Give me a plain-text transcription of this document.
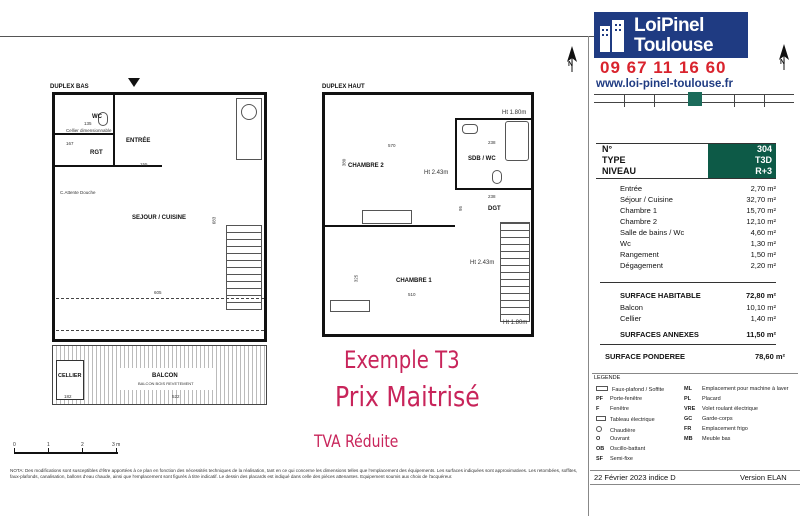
DUPLEX BAS
WC
RGT
ENTRÉE
SEJOUR / CUISINE
Cellier dimensionnable
C.Attente Douche
135
167
155
683
605
CELLIER	BALCON
BALCON BOIS REVETEMENT
522
182
DUPLEX HAUT
CHAMBRE 2
SDB / WC
DGT
CHAMBRE 1
Ht 1.80m
Ht 2.43m
Ht 2.43m
Ht 1.80m
570
238
238
380
510
325
95
Exemple T3
Prix Maitrisé
TVA Réduite
0	1	2	3 m
NOTA: Des modifications sont susceptibles d'être apportées à ce plan en fonction des nécessités techniques de la réalisation, tant en ce qui concerne les dimensions telles que l'emplacement des équipements. Les surfaces indiquées sont approximatives. Les retombées, soffites, faux-plafonds, canalisation, ballons d'eau chaude, ainsi que l'emplacement sont figurés à titre indicatif. Le dessin des placards est indiqué dans celle des pièces attenantes. Equipement soumis aux choix de l'acquéreur.
N	N
LoiPinel
Toulouse
09 67 11 16 60
www.loi-pinel-toulouse.fr
N°	304
TYPE	T3D
NIVEAU	R+3
Entrée	2,70 m²
Séjour / Cuisine	32,70 m²
Chambre 1	15,70 m²
Chambre 2	12,10 m²
Salle de bains / Wc	4,60 m²
Wc	1,30 m²
Rangement	1,50 m²
Dégagement	2,20 m²
SURFACE HABITABLE	72,80 m²
Balcon	10,10 m²
Cellier	1,40 m²
SURFACES ANNEXES	11,50 m²
SURFACE PONDEREE	78,60 m²
LEGENDE
Faux-plafond / Soffite
PF Porte-fenêtre
F Fenêtre
Tableau électrique
Chaudière
O Ouvrant
OB Oscillo-battant
SF Semi-fixe
ML Emplacement pour machine à laver
PL Placard
VRE Volet roulant électrique
GC Garde-corps
FR Emplacement frigo
MB Meuble bas
22 Février 2023 indice D	Version ELAN
